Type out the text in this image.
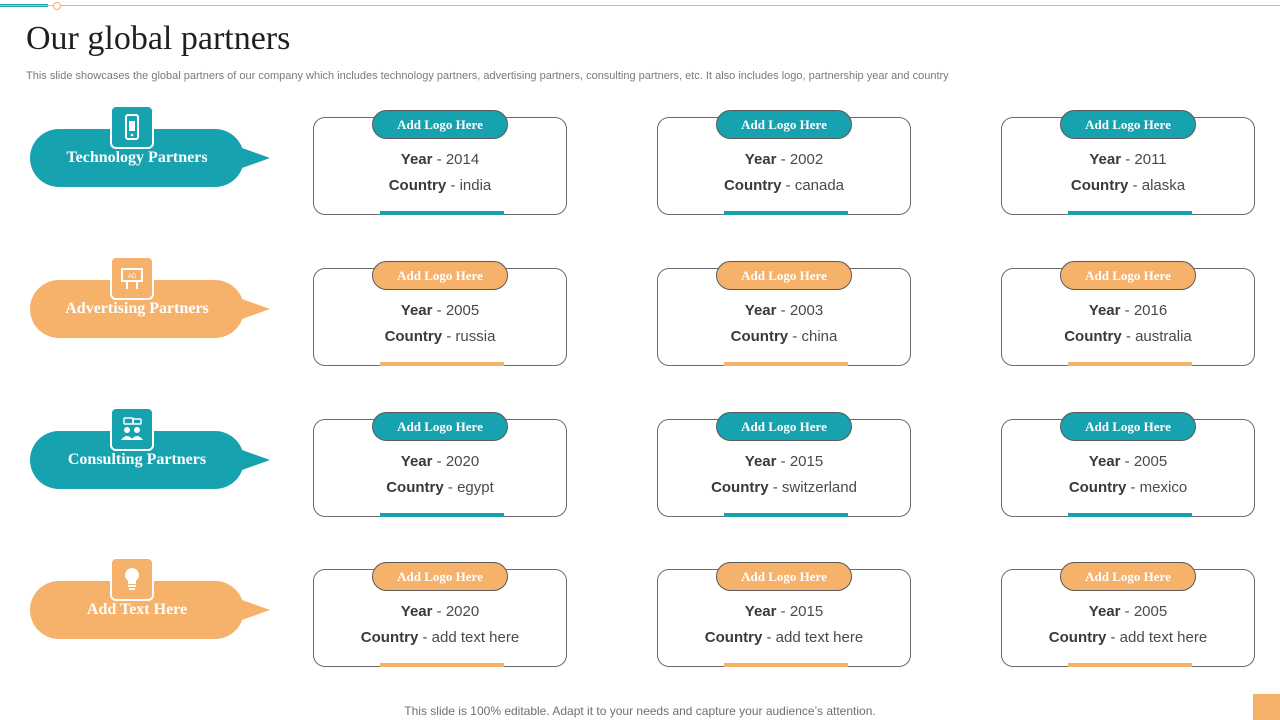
Our global partners
This slide showcases the global partners of our company which includes technology partners, advertising partners, consulting partners, etc. It also includes logo, partnership year and country
Technology Partners
Add Logo Here
Year - 2014
Country - india
Add Logo Here
Year - 2002
Country - canada
Add Logo Here
Year - 2011
Country - alaska
Advertising Partners
AD	Add Logo Here
Year - 2005
Country - russia
Add Logo Here
Year - 2003
Country - china
Add Logo Here
Year - 2016
Country - australia
Consulting Partners
Add Logo Here
Year - 2020
Country - egypt
Add Logo Here
Year - 2015
Country - switzerland
Add Logo Here
Year - 2005
Country - mexico
Add Text Here
Add Logo Here
Year - 2020
Country - add text here
Add Logo Here
Year - 2015
Country - add text here
Add Logo Here
Year - 2005
Country - add text here
This slide is 100% editable. Adapt it to your needs and capture your audience’s attention.
